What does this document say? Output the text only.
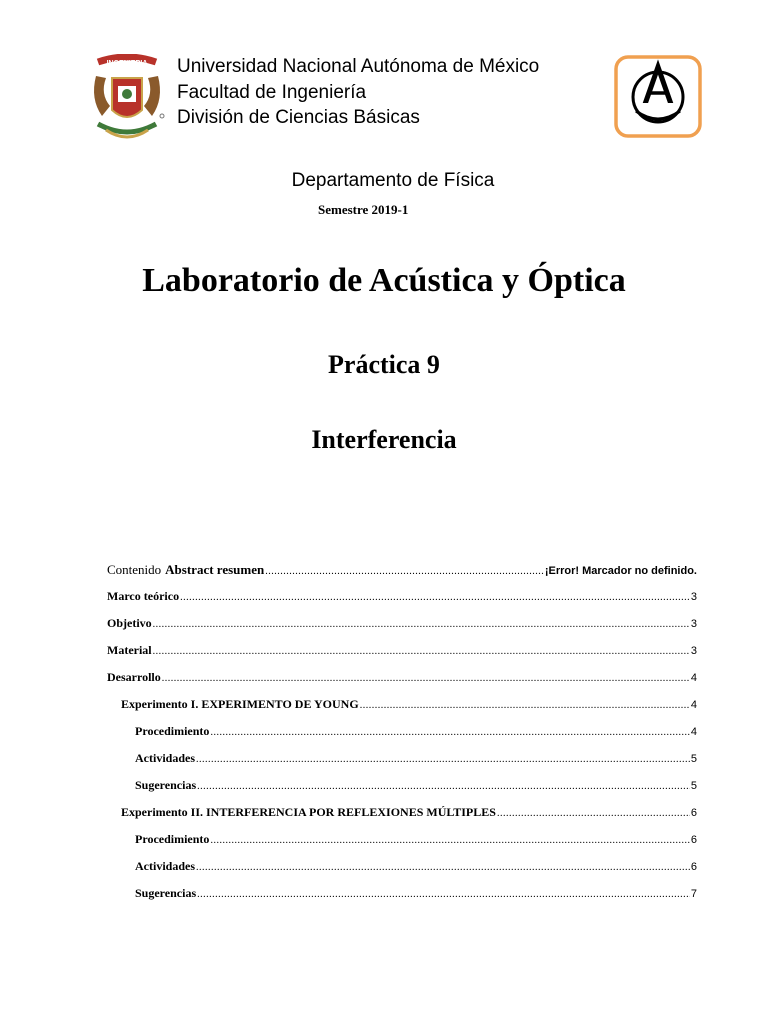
INGENIERIA Universidad Nacional Autónoma de México
Facultad de Ingeniería
División de Ciencias Básicas
Departamento de Física
Semestre 2019-1
Laboratorio de Acústica y Óptica
Práctica 9
Interferencia
Contenido Abstract resumen .....	¡Error! Marcador no definido.
Marco teórico .....	3
Objetivo .....	3
Material .....	3
Desarrollo .....	4
Experimento I. EXPERIMENTO DE YOUNG .....	4
Procedimiento .....	4
Actividades .....	5
Sugerencias .....	5
Experimento II. INTERFERENCIA POR REFLEXIONES MÚLTIPLES .....	6
Procedimiento .....	6
Actividades .....	6
Sugerencias .....	7
